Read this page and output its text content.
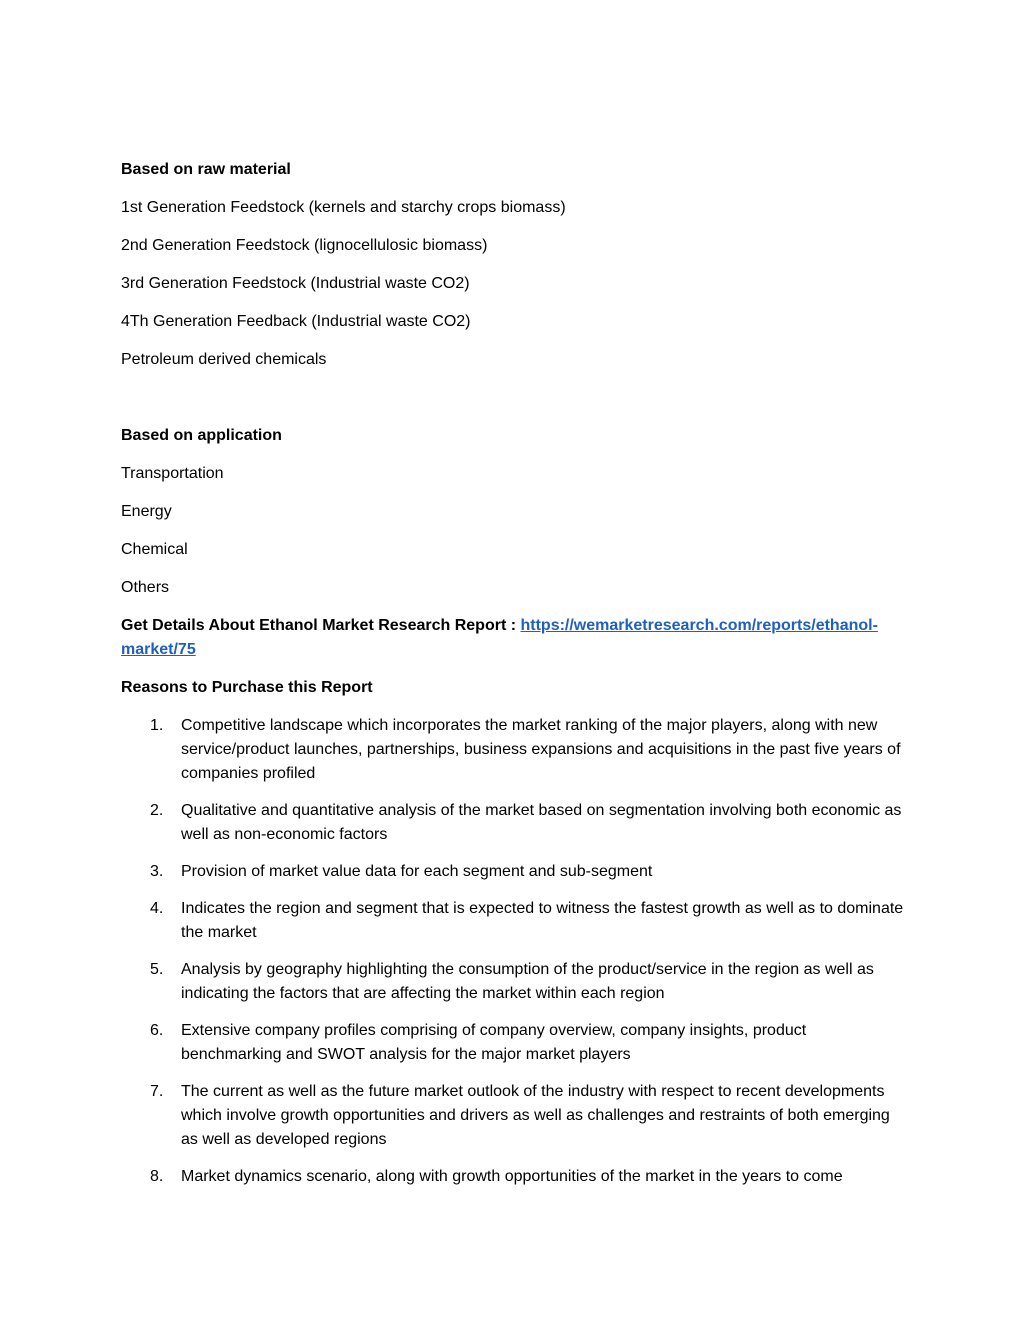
Based on raw material

1st Generation Feedstock (kernels and starchy crops biomass)

2nd Generation Feedstock (lignocellulosic biomass)

3rd Generation Feedstock (Industrial waste CO2)

4Th Generation Feedback (Industrial waste CO2)

Petroleum derived chemicals

Based on application

Transportation

Energy

Chemical

Others

Get Details About Ethanol Market Research Report : https://wemarketresearch.com/reports/ethanol-market/75

Reasons to Purchase this Report

1. Competitive landscape which incorporates the market ranking of the major players, along with new service/product launches, partnerships, business expansions and acquisitions in the past five years of companies profiled
2. Qualitative and quantitative analysis of the market based on segmentation involving both economic as well as non-economic factors
3. Provision of market value data for each segment and sub-segment
4. Indicates the region and segment that is expected to witness the fastest growth as well as to dominate the market
5. Analysis by geography highlighting the consumption of the product/service in the region as well as indicating the factors that are affecting the market within each region
6. Extensive company profiles comprising of company overview, company insights, product benchmarking and SWOT analysis for the major market players
7. The current as well as the future market outlook of the industry with respect to recent developments which involve growth opportunities and drivers as well as challenges and restraints of both emerging as well as developed regions
8. Market dynamics scenario, along with growth opportunities of the market in the years to come
